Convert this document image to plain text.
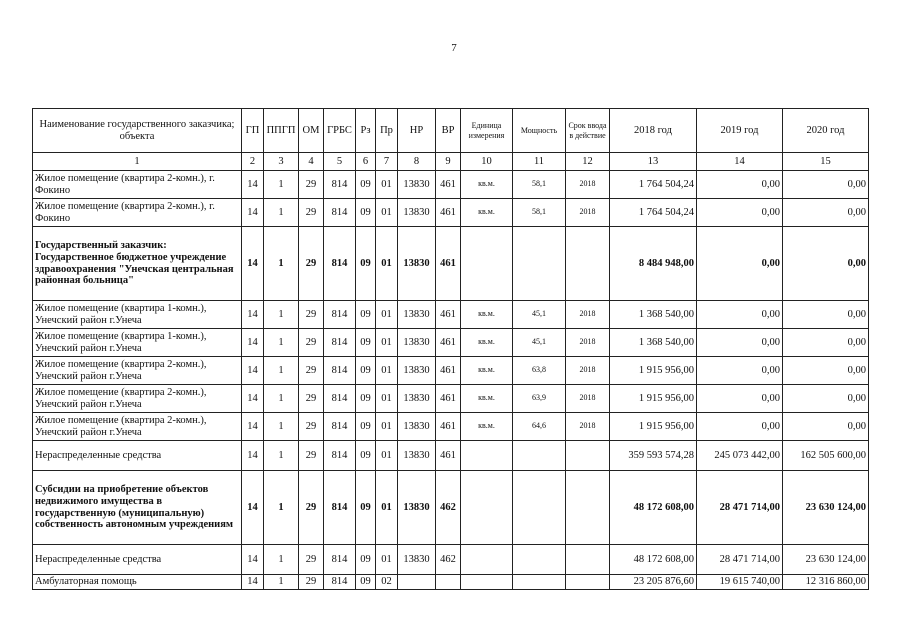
7
Наименование государственного заказчика; объекта	ГП	ППГП	ОМ	ГРБС	Рз	Пр	НР	ВР	Единица измерения	Мощность	Срок ввода в действие	2018 год	2019 год	2020 год
1	2	3	4	5	6	7	8	9	10	11	12	13	14	15
Жилое помещение (квартира 2-комн.), г. Фокино	14	1	29	814	09	01	13830	461	кв.м.	58,1	2018	1 764 504,24	0,00	0,00
Жилое помещение (квартира 2-комн.), г. Фокино	14	1	29	814	09	01	13830	461	кв.м.	58,1	2018	1 764 504,24	0,00	0,00
Государственный заказчик: Государственное бюджетное учреждение здравоохранения "Унечская центральная районная больница"	14	1	29	814	09	01	13830	461				8 484 948,00	0,00	0,00
Жилое помещение (квартира 1-комн.), Унечский район г.Унеча	14	1	29	814	09	01	13830	461	кв.м.	45,1	2018	1 368 540,00	0,00	0,00
Жилое помещение (квартира 1-комн.), Унечский район г.Унеча	14	1	29	814	09	01	13830	461	кв.м.	45,1	2018	1 368 540,00	0,00	0,00
Жилое помещение (квартира 2-комн.), Унечский район г.Унеча	14	1	29	814	09	01	13830	461	кв.м.	63,8	2018	1 915 956,00	0,00	0,00
Жилое помещение (квартира 2-комн.), Унечский район г.Унеча	14	1	29	814	09	01	13830	461	кв.м.	63,9	2018	1 915 956,00	0,00	0,00
Жилое помещение (квартира 2-комн.), Унечский район г.Унеча	14	1	29	814	09	01	13830	461	кв.м.	64,6	2018	1 915 956,00	0,00	0,00
Нераспределенные средства	14	1	29	814	09	01	13830	461				359 593 574,28	245 073 442,00	162 505 600,00
Субсидии на приобретение объектов недвижимого имущества в государственную (муниципальную) собственность автономным учреждениям	14	1	29	814	09	01	13830	462				48 172 608,00	28 471 714,00	23 630 124,00
Нераспределенные средства	14	1	29	814	09	01	13830	462				48 172 608,00	28 471 714,00	23 630 124,00
Амбулаторная помощь	14	1	29	814	09	02						23 205 876,60	19 615 740,00	12 316 860,00
